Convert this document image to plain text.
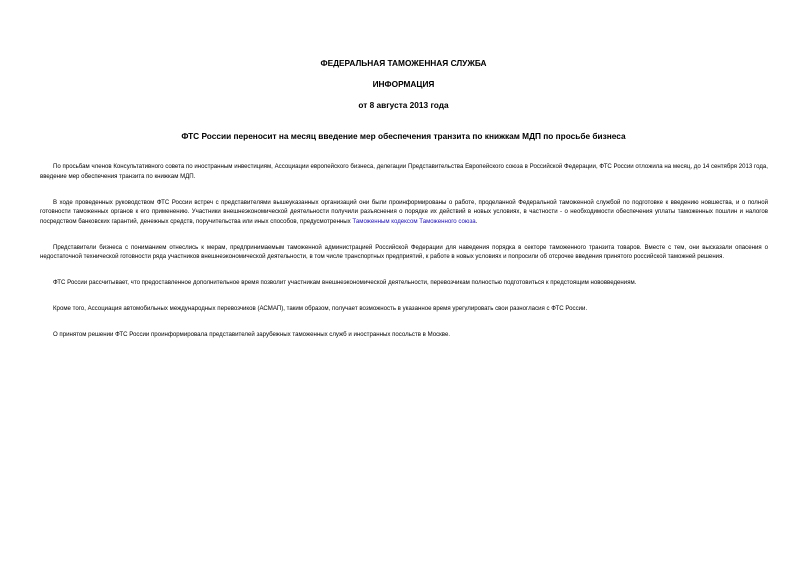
ФЕДЕРАЛЬНАЯ ТАМОЖЕННАЯ СЛУЖБА
ИНФОРМАЦИЯ
от 8 августа 2013 года
ФТС России переносит на месяц введение мер обеспечения транзита по книжкам МДП по просьбе бизнеса

По просьбам членов Консультативного совета по иностранным инвестициям, Ассоциации европейского бизнеса, делегации Представительства Европейского союза в Российской Федерации, ФТС России отложила на месяц, до 14 сентября 2013 года, введение мер обеспечения транзита по книжкам МДП.

В ходе проведенных руководством ФТС России встреч с представителями вышеуказанных организаций они были проинформированы о работе, проделанной Федеральной таможенной службой по подготовке к введению новшества, и о полной готовности таможенных органов к его применению. Участники внешнеэкономической деятельности получили разъяснения о порядке их действий в новых условиях, в частности - о необходимости обеспечения уплаты таможенных пошлин и налогов посредством банковских гарантий, денежных средств, поручительства или иных способов, предусмотренных Таможенным кодексом Таможенного союза.

Представители бизнеса с пониманием отнеслись к мерам, предпринимаемым таможенной администрацией Российской Федерации для наведения порядка в секторе таможенного транзита товаров. Вместе с тем, они высказали опасения о недостаточной технической готовности ряда участников внешнеэкономической деятельности, в том числе транспортных предприятий, к работе в новых условиях и попросили об отсрочке введения принятого российской таможней решения.

ФТС России рассчитывает, что предоставленное дополнительное время позволит участникам внешнеэкономической деятельности, перевозчикам полностью подготовиться к предстоящим нововведениям.

Кроме того, Ассоциация автомобильных международных перевозчиков (АСМАП), таким образом, получает возможность в указанное время урегулировать свои разногласия с ФТС России.

О принятом решении ФТС России проинформировала представителей зарубежных таможенных служб и иностранных посольств в Москве.
